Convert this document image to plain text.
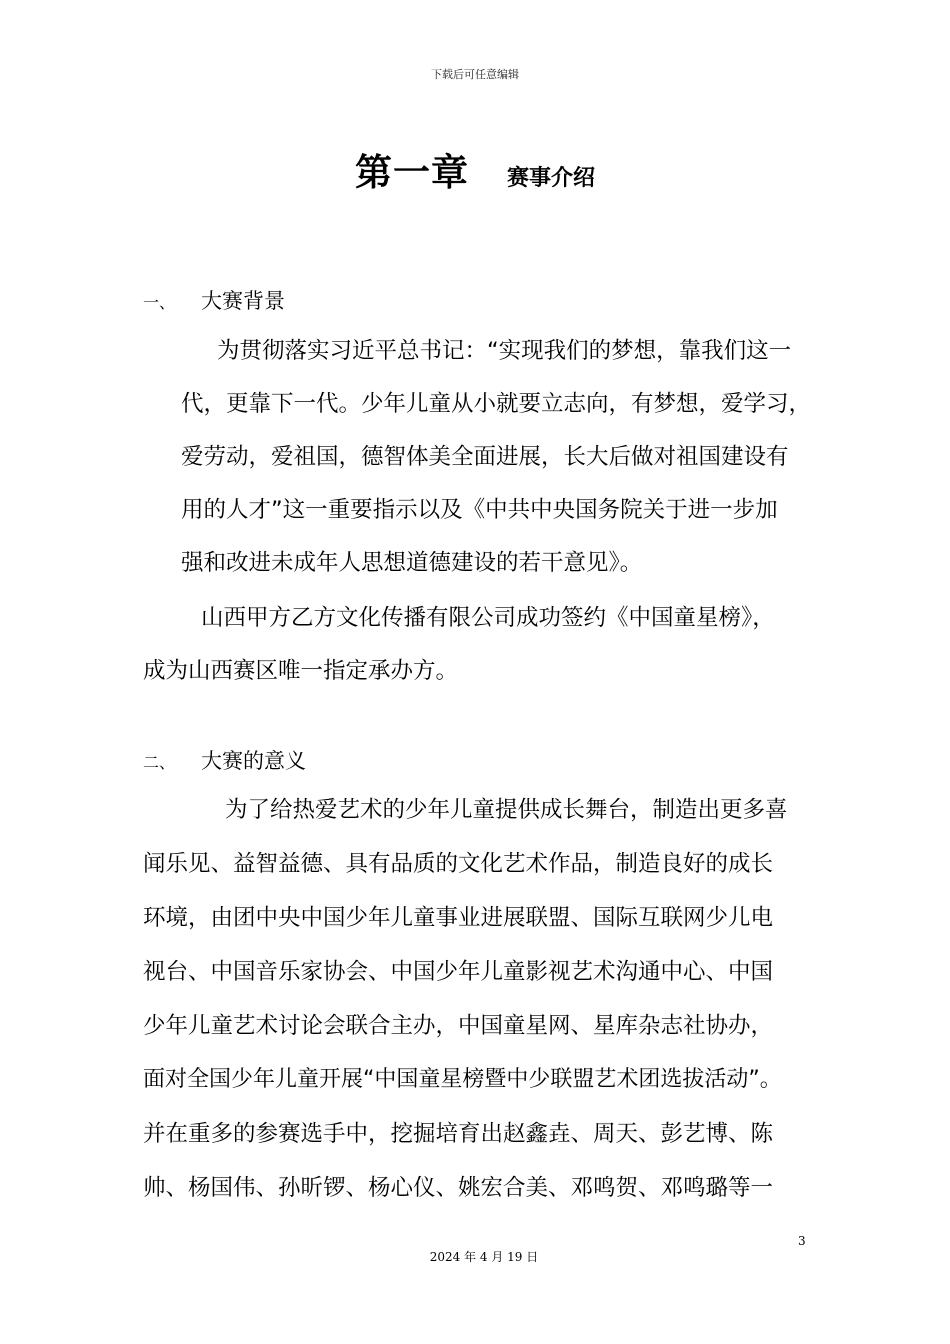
下载后可任意编辑
第一章 赛事介绍
一、 大赛背景
为贯彻落实习近平总书记：“实现我们的梦想，靠我们这一
代，更靠下一代。少年儿童从小就要立志向，有梦想，爱学习，
爱劳动，爱祖国，德智体美全面进展，长大后做对祖国建设有
用的人才”这一重要指示以及《中共中央国务院关于进一步加
强和改进未成年人思想道德建设的若干意见》。
山西甲方乙方文化传播有限公司成功签约《中国童星榜》，
成为山西赛区唯一指定承办方。
二、 大赛的意义
为了给热爱艺术的少年儿童提供成长舞台，制造出更多喜
闻乐见、益智益德、具有品质的文化艺术作品，制造良好的成长
环境，由团中央中国少年儿童事业进展联盟、国际互联网少儿电
视台、中国音乐家协会、中国少年儿童影视艺术沟通中心、中国
少年儿童艺术讨论会联合主办，中国童星网、星库杂志社协办，
面对全国少年儿童开展“中国童星榜暨中少联盟艺术团选拔活动”。
并在重多的参赛选手中，挖掘培育出赵鑫垚、周天、彭艺博、陈
帅、杨国伟、孙昕锣、杨心仪、姚宏合美、邓鸣贺、邓鸣璐等一
3
2024 年 4 月 19 日
